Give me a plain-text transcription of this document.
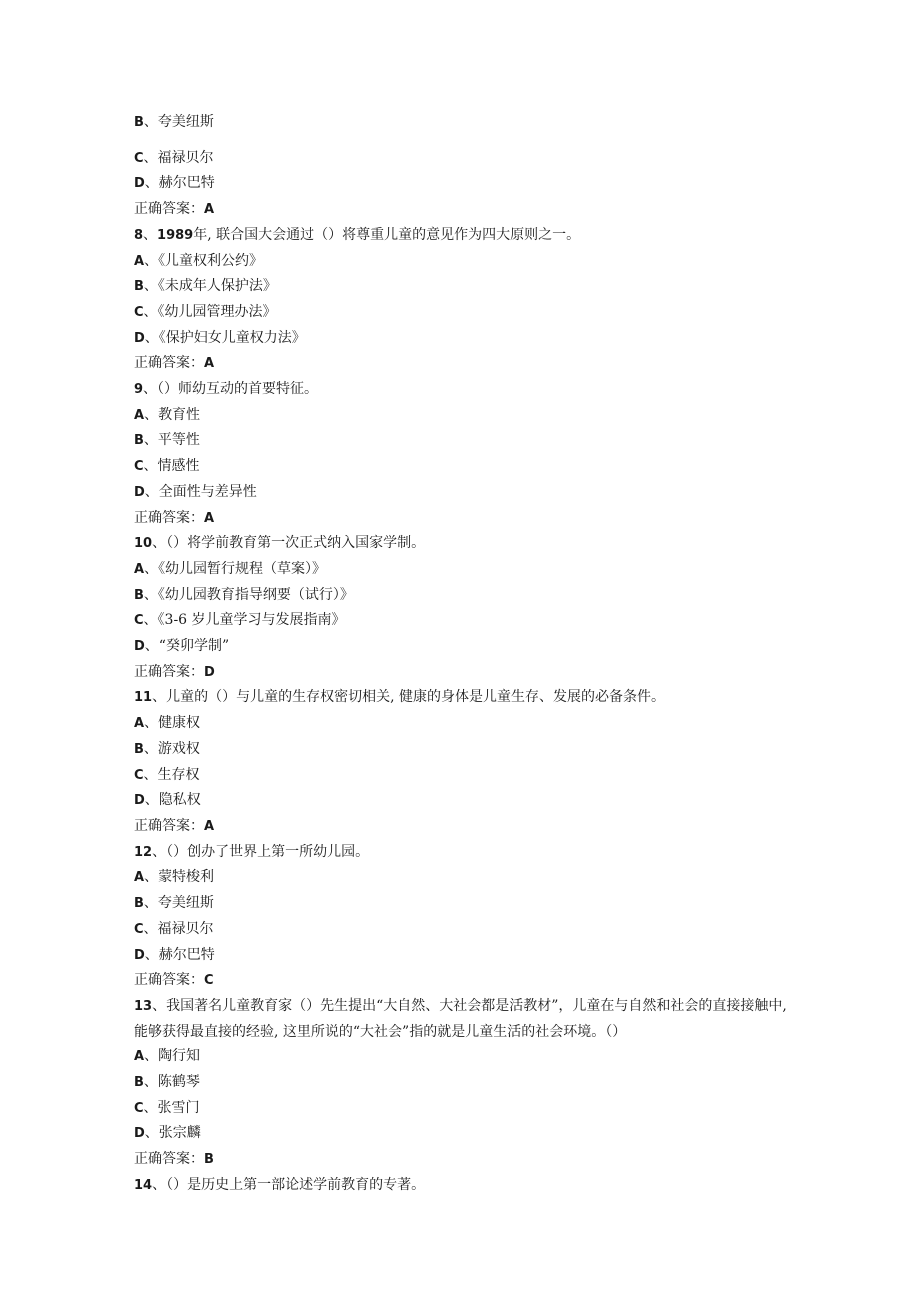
B、夸美纽斯
C、福禄贝尔
D、赫尔巴特
正确答案：A
8、1989年, 联合国大会通过（）将尊重儿童的意见作为四大原则之一。
A、《儿童权利公约》
B、《未成年人保护法》
C、《幼儿园管理办法》
D、《保护妇女儿童权力法》
正确答案：A
9、（）师幼互动的首要特征。
A、教育性
B、平等性
C、情感性
D、全面性与差异性
正确答案：A
10、（）将学前教育第一次正式纳入国家学制。
A、《幼儿园暂行规程（草案）》
B、《幼儿园教育指导纲要（试行）》
C、《3-6 岁儿童学习与发展指南》
D、“癸卯学制”
正确答案：D
11、儿童的（）与儿童的生存权密切相关, 健康的身体是儿童生存、发展的必备条件。
A、健康权
B、游戏权
C、生存权
D、隐私权
正确答案：A
12、（）创办了世界上第一所幼儿园。
A、蒙特梭利
B、夸美纽斯
C、福禄贝尔
D、赫尔巴特
正确答案：C
13、我国著名儿童教育家（）先生提出“大自然、大社会都是活教材”，儿童在与自然和社会的直接接触中, 能够获得最直接的经验, 这里所说的“大社会”指的就是儿童生活的社会环境。（）
A、陶行知
B、陈鹤琴
C、张雪门
D、张宗麟
正确答案：B
14、（）是历史上第一部论述学前教育的专著。
